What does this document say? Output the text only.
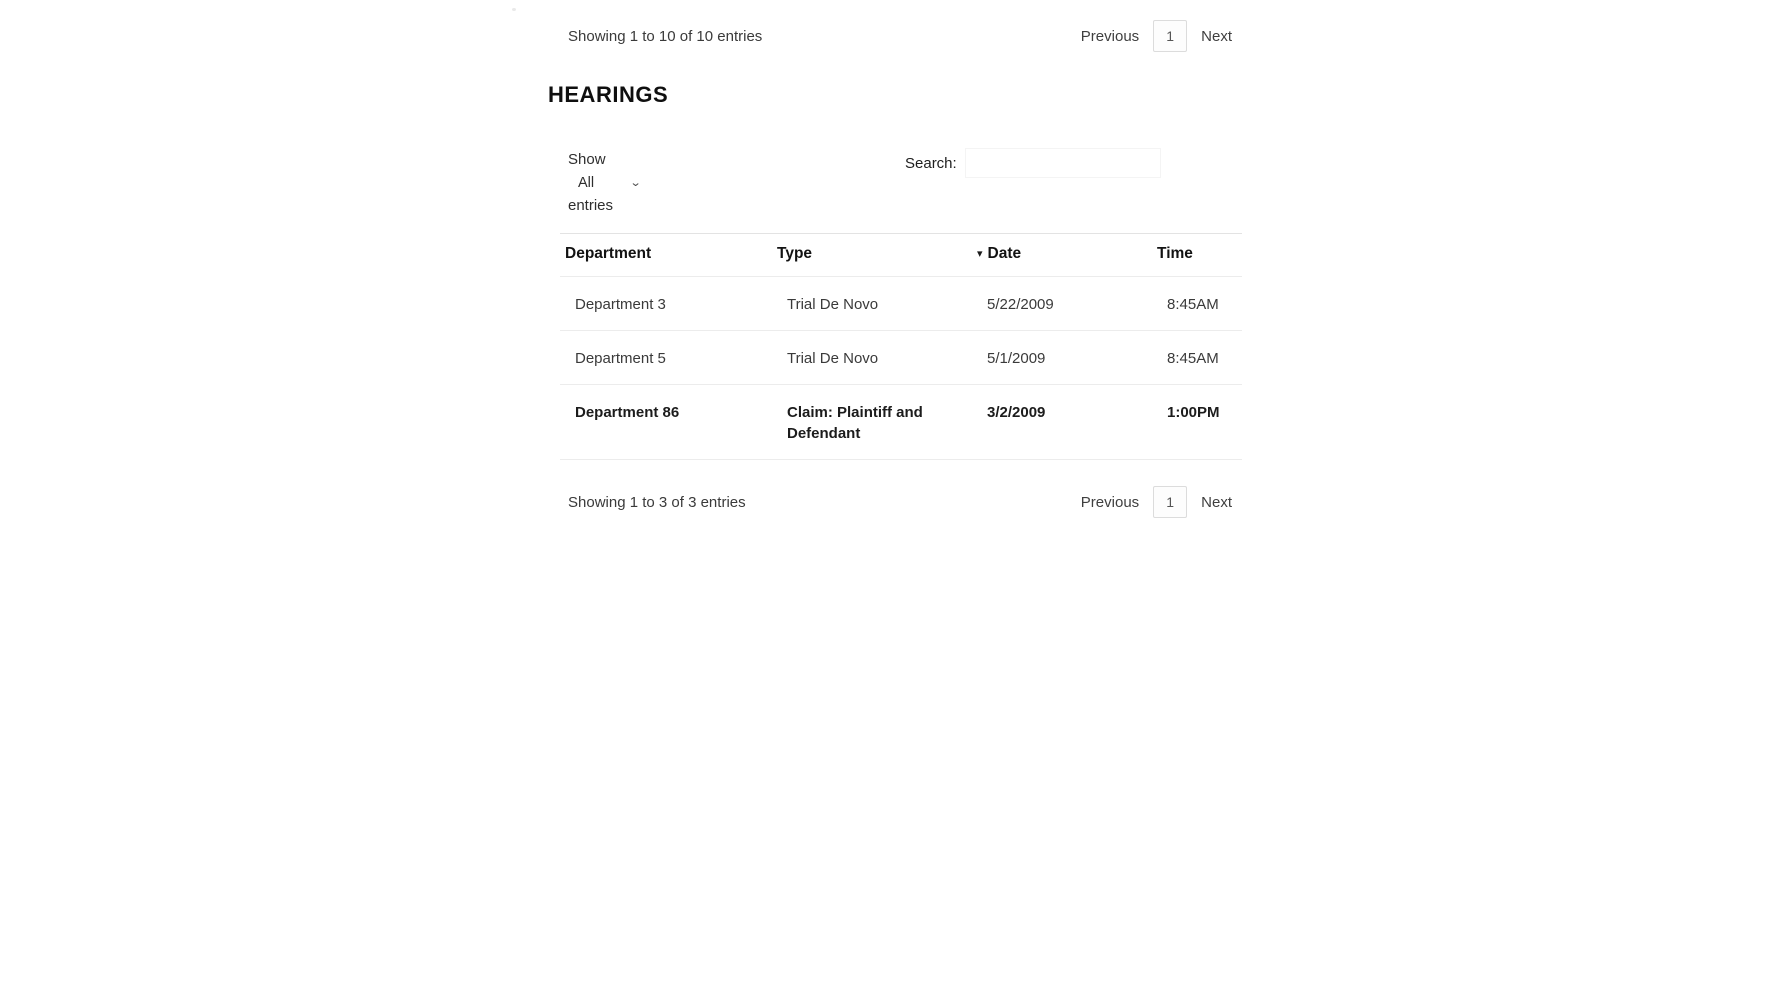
Showing 1 to 10 of 10 entries	Previous	1	Next
HEARINGS
Show

All	⌄

entries
Search:
Department	Type	▾ Date	Time
Department 3	Trial De Novo	5/22/2009	8:45AM
Department 5	Trial De Novo	5/1/2009	8:45AM
Department 86	Claim: Plaintiff and Defendant	3/2/2009	1:00PM
Showing 1 to 3 of 3 entries	Previous	1	Next
